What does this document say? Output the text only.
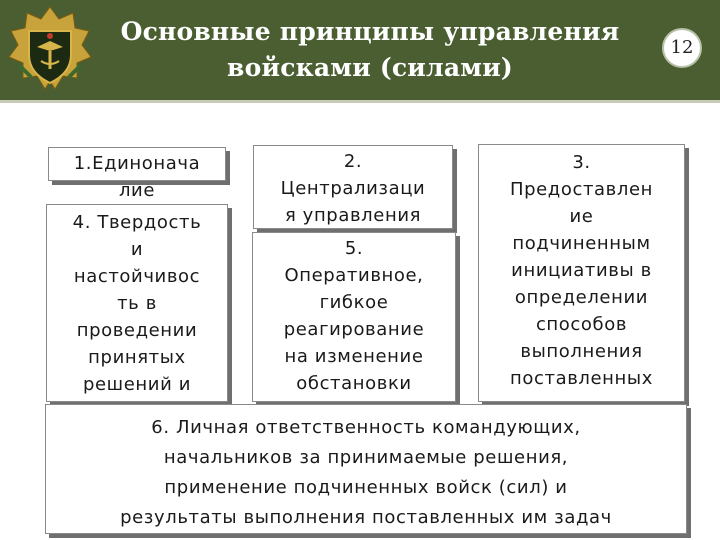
Основные принципы управления
войсками (силами)
12
1.Единонача
лие
2.
Централизаци
я управления
3.
Предоставлен
ие
подчиненным
инициативы в
определении
способов
выполнения
поставленных
4. Твердость
и
настойчивос
ть в
проведении
принятых
решений и
5.
Оперативное,
гибкое
реагирование
на изменение
обстановки
6. Личная ответственность командующих,
начальников за принимаемые решения,
применение подчиненных войск (сил) и
результаты выполнения поставленных им задач
